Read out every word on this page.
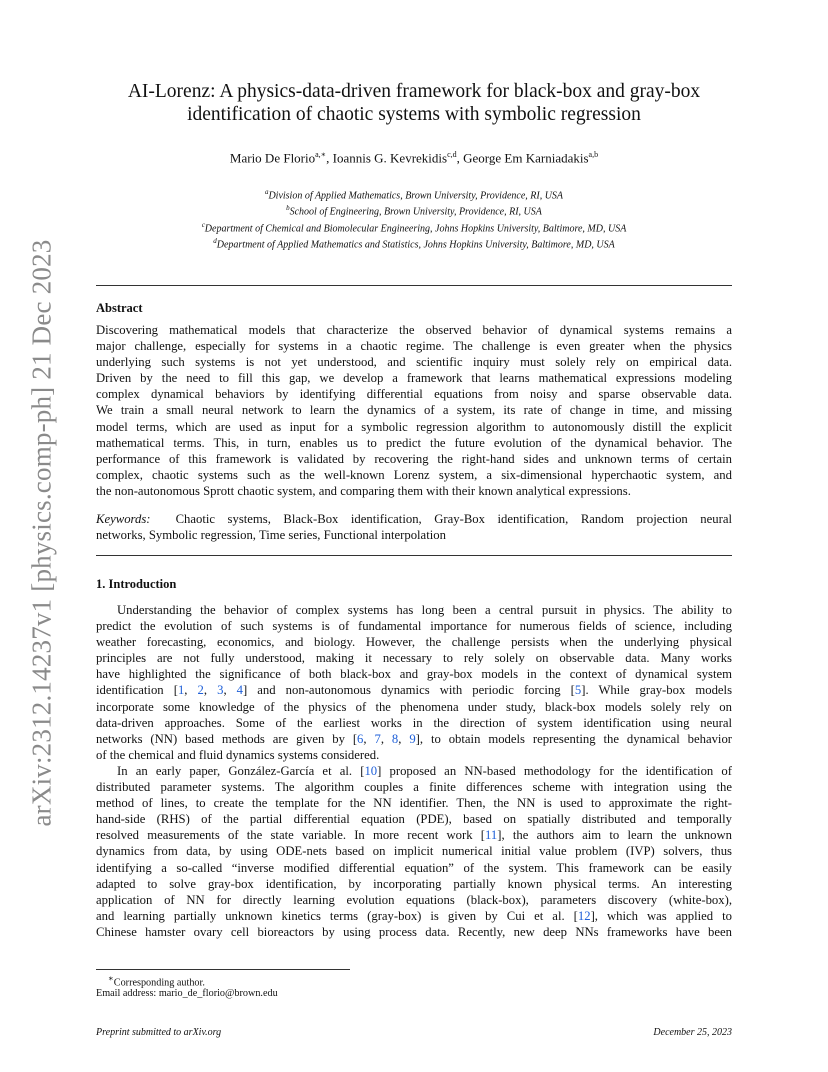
arXiv:2312.14237v1 [physics.comp-ph] 21 Dec 2023
AI-Lorenz: A physics-data-driven framework for black-box and gray-box
identification of chaotic systems with symbolic regression
Mario De Florio$^{a,∗}$, Ioannis G. Kevrekidis$^{c,d}$, George Em Karniadakis$^{a,b}$
$^a$Division of Applied Mathematics, Brown University, Providence, RI, USA
$^b$School of Engineering, Brown University, Providence, RI, USA
$^c$Department of Chemical and Biomolecular Engineering, Johns Hopkins University, Baltimore, MD, USA
$^d$Department of Applied Mathematics and Statistics, Johns Hopkins University, Baltimore, MD, USA
Abstract
Discovering mathematical models that characterize the observed behavior of dynamical systems remains a
major challenge, especially for systems in a chaotic regime. The challenge is even greater when the physics
underlying such systems is not yet understood, and scientific inquiry must solely rely on empirical data.
Driven by the need to fill this gap, we develop a framework that learns mathematical expressions modeling
complex dynamical behaviors by identifying differential equations from noisy and sparse observable data.
We train a small neural network to learn the dynamics of a system, its rate of change in time, and missing
model terms, which are used as input for a symbolic regression algorithm to autonomously distill the explicit
mathematical terms. This, in turn, enables us to predict the future evolution of the dynamical behavior. The
performance of this framework is validated by recovering the right-hand sides and unknown terms of certain
complex, chaotic systems such as the well-known Lorenz system, a six-dimensional hyperchaotic system, and
the non-autonomous Sprott chaotic system, and comparing them with their known analytical expressions.
Keywords: Chaotic systems, Black-Box identification, Gray-Box identification, Random projection neural
networks, Symbolic regression, Time series, Functional interpolation
1. Introduction
Understanding the behavior of complex systems has long been a central pursuit in physics. The ability to
predict the evolution of such systems is of fundamental importance for numerous fields of science, including
weather forecasting, economics, and biology. However, the challenge persists when the underlying physical
principles are not fully understood, making it necessary to rely solely on observable data. Many works
have highlighted the significance of both black-box and gray-box models in the context of dynamical system
identification [1, 2, 3, 4] and non-autonomous dynamics with periodic forcing [5]. While gray-box models
incorporate some knowledge of the physics of the phenomena under study, black-box models solely rely on
data-driven approaches. Some of the earliest works in the direction of system identification using neural
networks (NN) based methods are given by [6, 7, 8, 9], to obtain models representing the dynamical behavior
of the chemical and fluid dynamics systems considered.
In an early paper, González-García et al. [10] proposed an NN-based methodology for the identification of
distributed parameter systems. The algorithm couples a finite differences scheme with integration using the
method of lines, to create the template for the NN identifier. Then, the NN is used to approximate the right-
hand-side (RHS) of the partial differential equation (PDE), based on spatially distributed and temporally
resolved measurements of the state variable. In more recent work [11], the authors aim to learn the unknown
dynamics from data, by using ODE-nets based on implicit numerical initial value problem (IVP) solvers, thus
identifying a so-called “inverse modified differential equation” of the system. This framework can be easily
adapted to solve gray-box identification, by incorporating partially known physical terms. An interesting
application of NN for directly learning evolution equations (black-box), parameters discovery (white-box),
and learning partially unknown kinetics terms (gray-box) is given by Cui et al. [12], which was applied to
Chinese hamster ovary cell bioreactors by using process data. Recently, new deep NNs frameworks have been
∗Corresponding author.
Email address: mario_de_florio@brown.edu
Preprint submitted to arXiv.org	December 25, 2023
